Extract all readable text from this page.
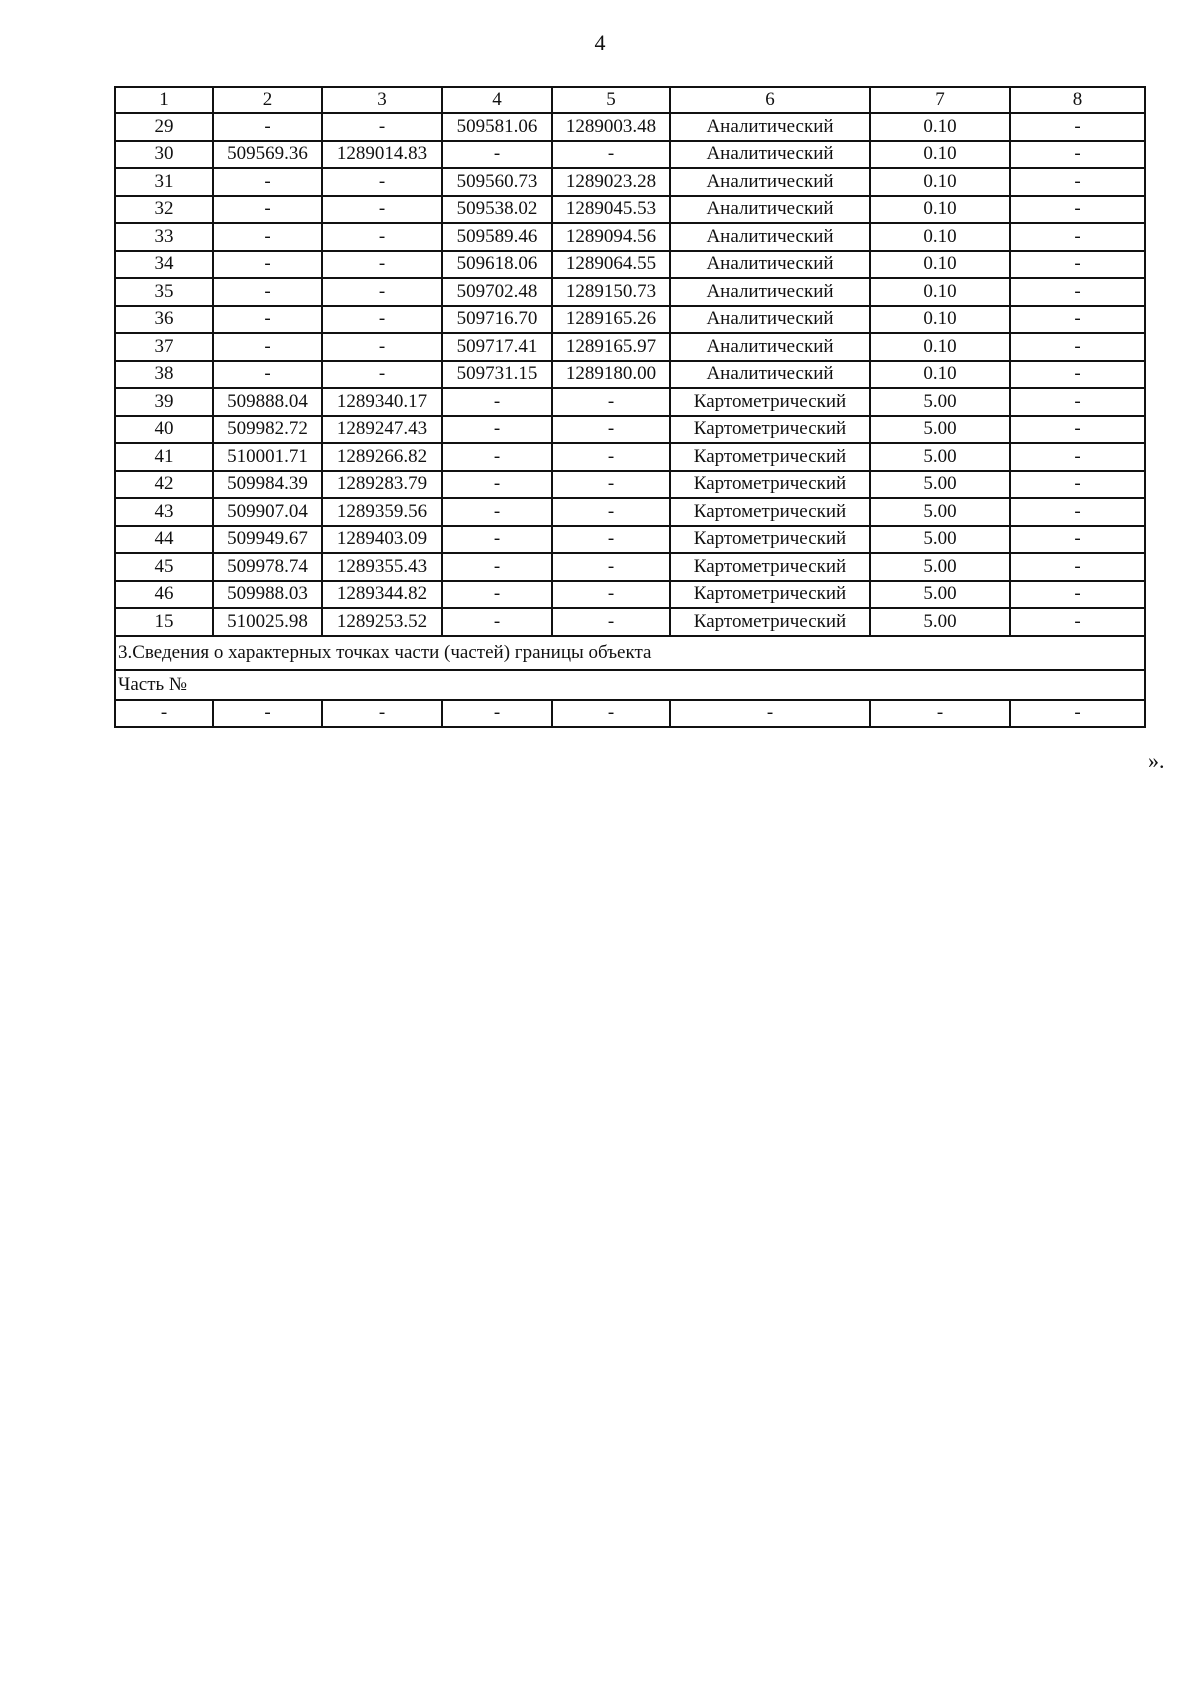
4
1	2	3	4	5	6	7	8
29	-	-	509581.06	1289003.48	Аналитический	0.10	-
30	509569.36	1289014.83	-	-	Аналитический	0.10	-
31	-	-	509560.73	1289023.28	Аналитический	0.10	-
32	-	-	509538.02	1289045.53	Аналитический	0.10	-
33	-	-	509589.46	1289094.56	Аналитический	0.10	-
34	-	-	509618.06	1289064.55	Аналитический	0.10	-
35	-	-	509702.48	1289150.73	Аналитический	0.10	-
36	-	-	509716.70	1289165.26	Аналитический	0.10	-
37	-	-	509717.41	1289165.97	Аналитический	0.10	-
38	-	-	509731.15	1289180.00	Аналитический	0.10	-
39	509888.04	1289340.17	-	-	Картометрический	5.00	-
40	509982.72	1289247.43	-	-	Картометрический	5.00	-
41	510001.71	1289266.82	-	-	Картометрический	5.00	-
42	509984.39	1289283.79	-	-	Картометрический	5.00	-
43	509907.04	1289359.56	-	-	Картометрический	5.00	-
44	509949.67	1289403.09	-	-	Картометрический	5.00	-
45	509978.74	1289355.43	-	-	Картометрический	5.00	-
46	509988.03	1289344.82	-	-	Картометрический	5.00	-
15	510025.98	1289253.52	-	-	Картометрический	5.00	-
3.Сведения о характерных точках части (частей) границы объекта							
Часть №							
-	-	-	-	-	-	-	-
».
